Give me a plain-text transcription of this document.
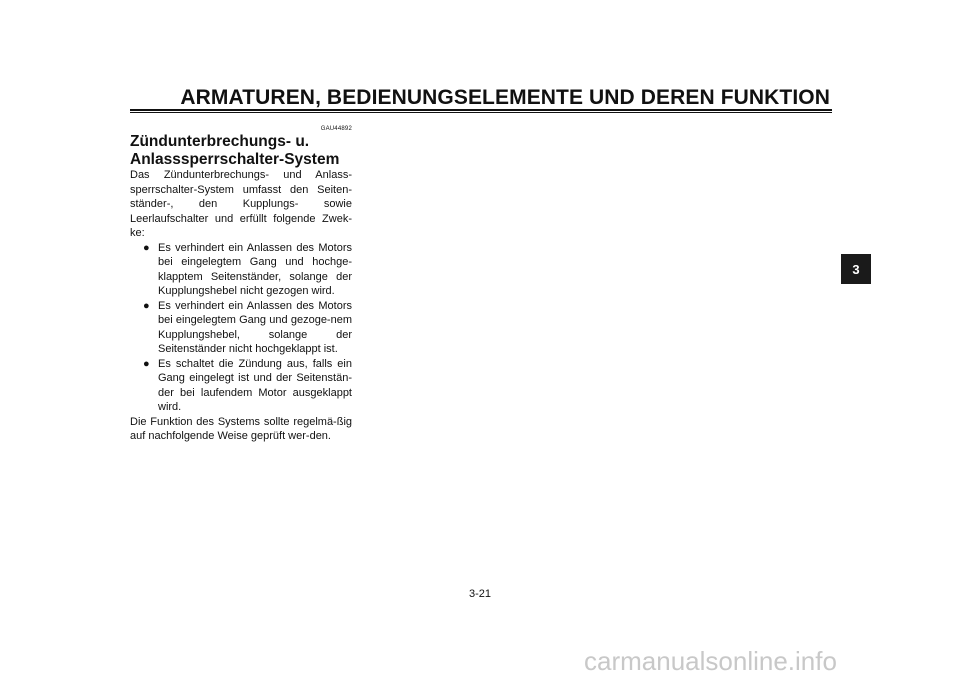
ARMATUREN, BEDIENUNGSELEMENTE UND DEREN FUNKTION
GAU44892
Zündunterbrechungs- u.
Anlasssperrschalter-System

Das Zündunterbrechungs- und Anlass-sperrschalter-System umfasst den Seiten-ständer-, den Kupplungs- sowie Leerlaufschalter und erfüllt folgende Zwek-ke:

● Es verhindert ein Anlassen des Motors bei eingelegtem Gang und hochge-klapptem Seitenständer, solange der Kupplungshebel nicht gezogen wird.
● Es verhindert ein Anlassen des Motors bei eingelegtem Gang und gezoge-nem Kupplungshebel, solange der Seitenständer nicht hochgeklappt ist.
● Es schaltet die Zündung aus, falls ein Gang eingelegt ist und der Seitenstän-der bei laufendem Motor ausgeklappt wird.

Die Funktion des Systems sollte regelmä-ßig auf nachfolgende Weise geprüft wer-den.

3
3-21
carmanualsonline.info
